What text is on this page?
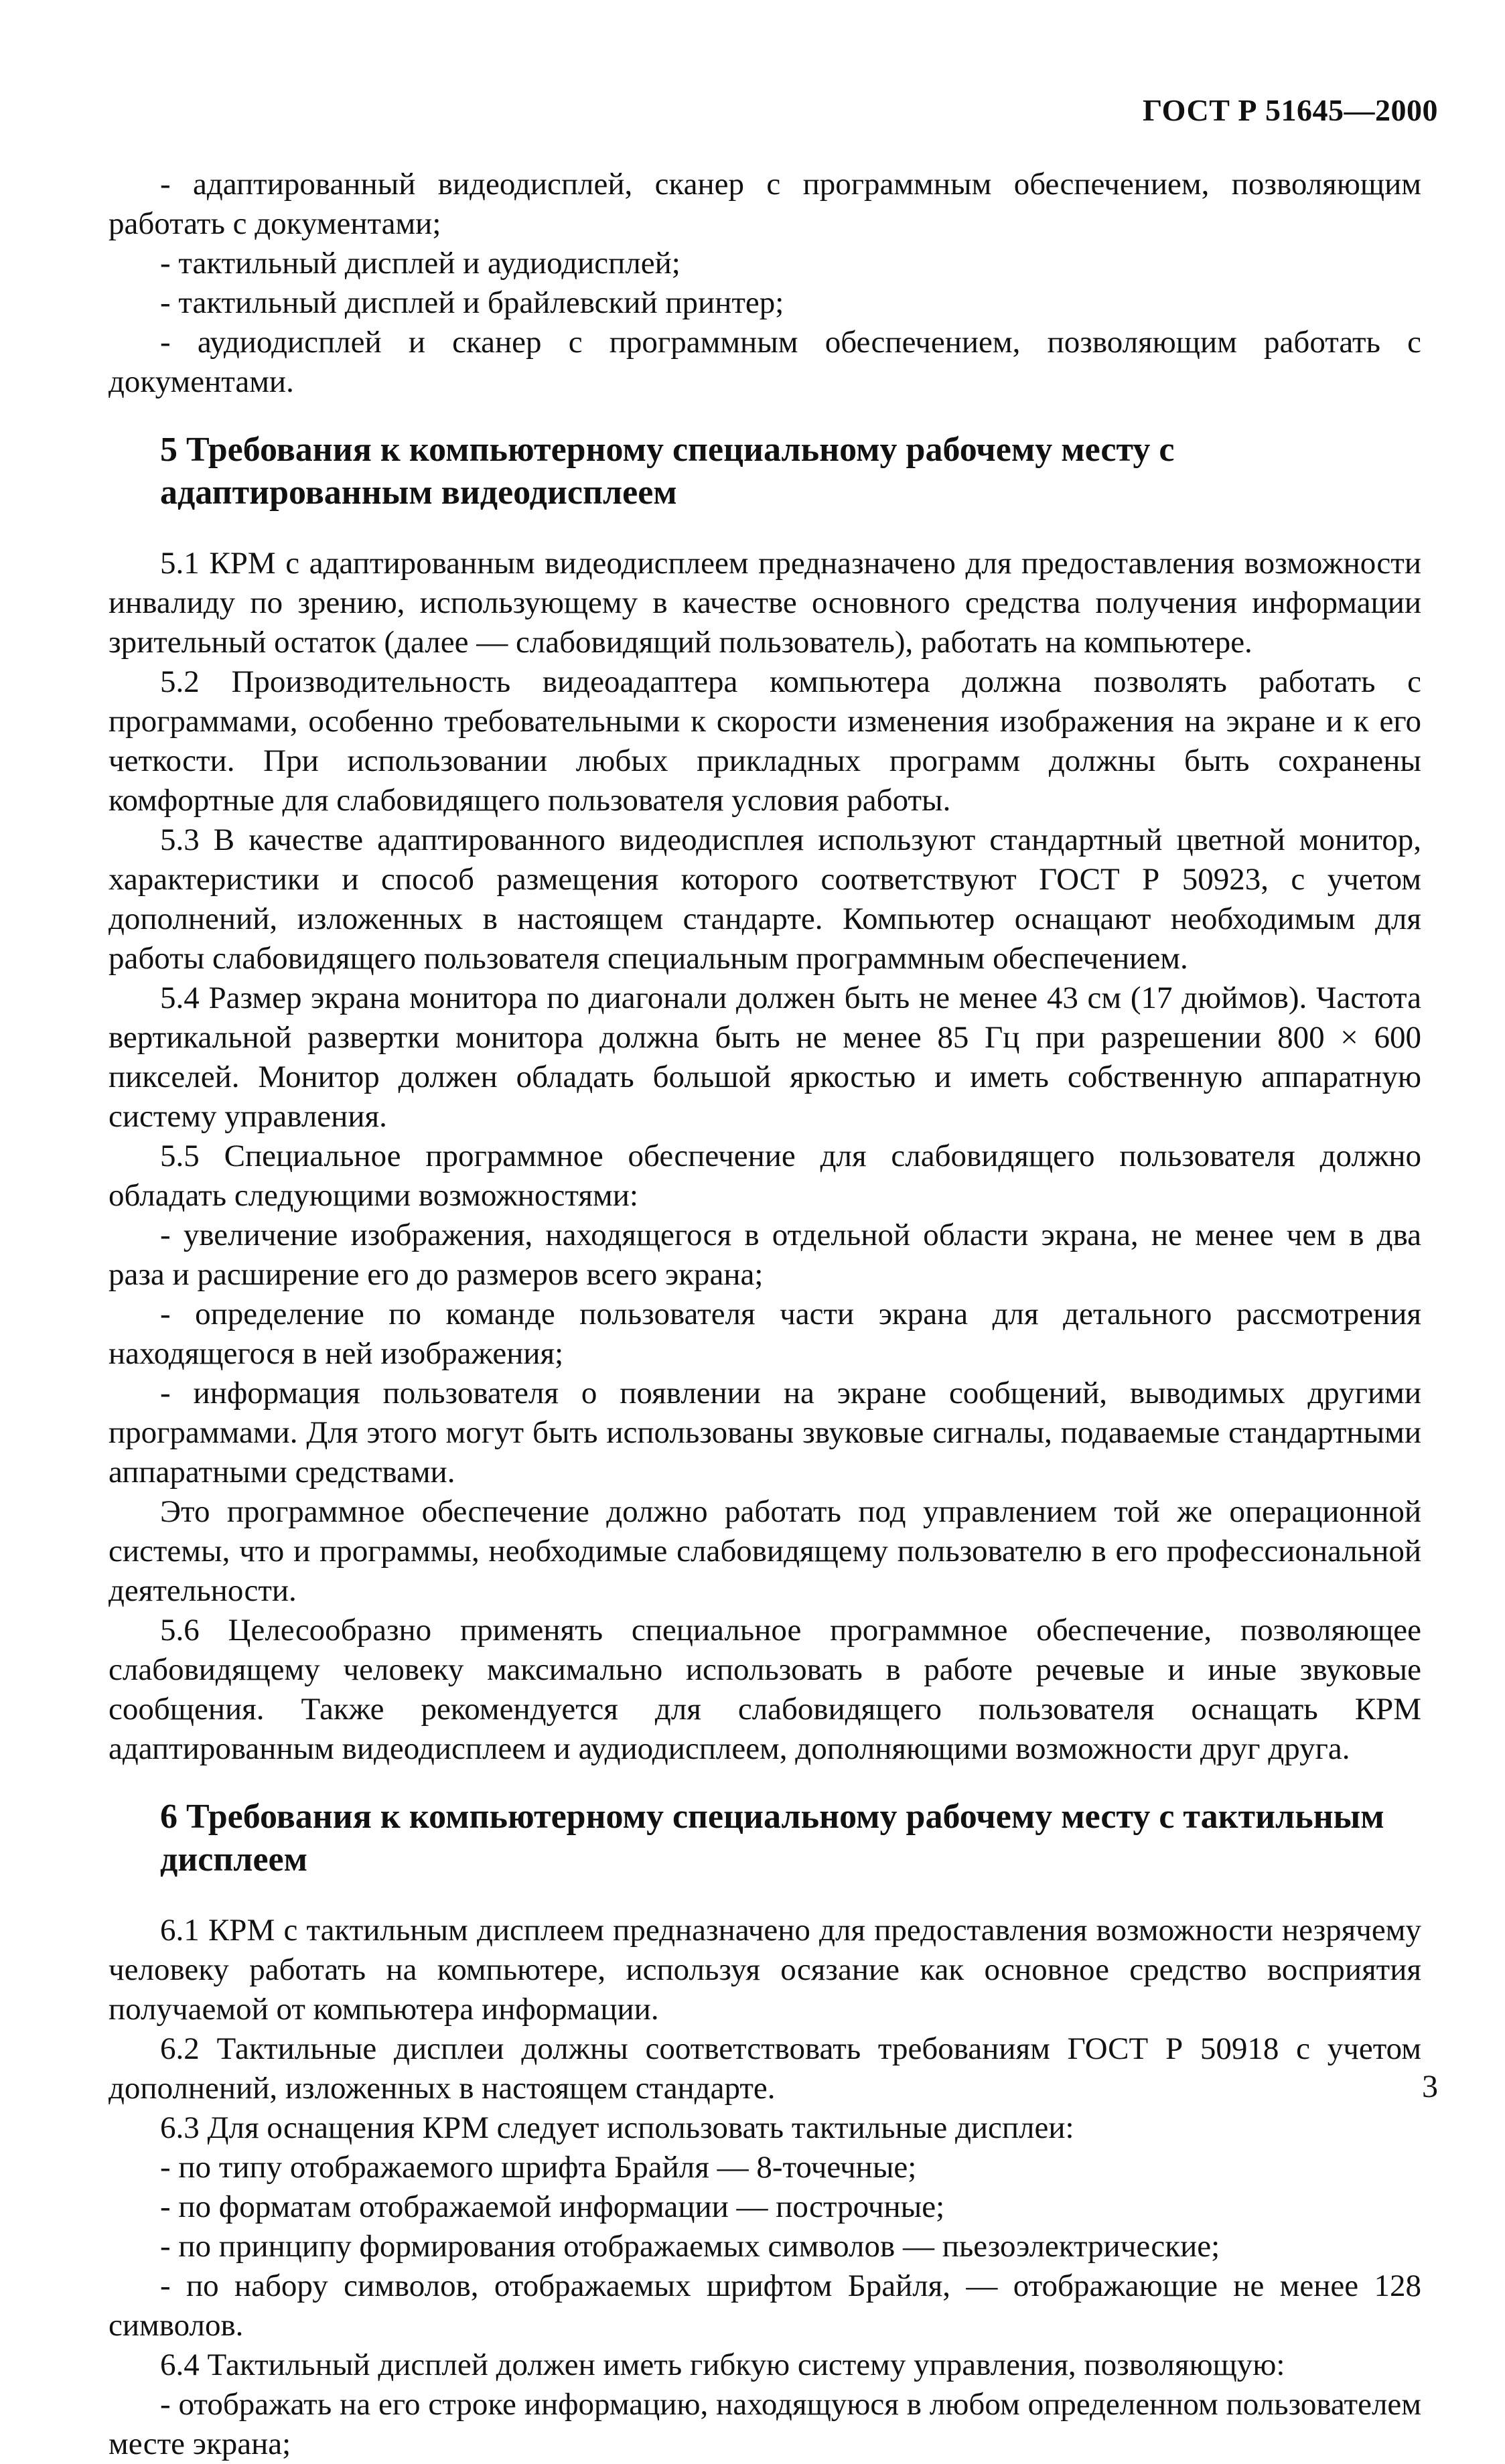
ГОСТ Р 51645—2000

- адаптированный видеодисплей, сканер с программным обеспечением, позволяющим работать с документами;

- тактильный дисплей и аудиодисплей;

- тактильный дисплей и брайлевский принтер;

- аудиодисплей и сканер с программным обеспечением, позволяющим работать с документами.

5 Требования к компьютерному специальному рабочему месту с адаптированным видеодисплеем

5.1 КРМ с адаптированным видеодисплеем предназначено для предоставления возможности инвалиду по зрению, использующему в качестве основного средства получения информации зрительный остаток (далее — слабовидящий пользователь), работать на компьютере.

5.2 Производительность видеоадаптера компьютера должна позволять работать с программами, особенно требовательными к скорости изменения изображения на экране и к его четкости. При использовании любых прикладных программ должны быть сохранены комфортные для слабовидящего пользователя условия работы.

5.3 В качестве адаптированного видеодисплея используют стандартный цветной монитор, характеристики и способ размещения которого соответствуют ГОСТ Р 50923, с учетом дополнений, изложенных в настоящем стандарте. Компьютер оснащают необходимым для работы слабовидящего пользователя специальным программным обеспечением.

5.4 Размер экрана монитора по диагонали должен быть не менее 43 см (17 дюймов). Частота вертикальной развертки монитора должна быть не менее 85 Гц при разрешении 800 × 600 пикселей. Монитор должен обладать большой яркостью и иметь собственную аппаратную систему управления.

5.5 Специальное программное обеспечение для слабовидящего пользователя должно обладать следующими возможностями:

- увеличение изображения, находящегося в отдельной области экрана, не менее чем в два раза и расширение его до размеров всего экрана;

- определение по команде пользователя части экрана для детального рассмотрения находящегося в ней изображения;

- информация пользователя о появлении на экране сообщений, выводимых другими программами. Для этого могут быть использованы звуковые сигналы, подаваемые стандартными аппаратными средствами.

Это программное обеспечение должно работать под управлением той же операционной системы, что и программы, необходимые слабовидящему пользователю в его профессиональной деятельности.

5.6 Целесообразно применять специальное программное обеспечение, позволяющее слабовидящему человеку максимально использовать в работе речевые и иные звуковые сообщения. Также рекомендуется для слабовидящего пользователя оснащать КРМ адаптированным видеодисплеем и аудиодисплеем, дополняющими возможности друг друга.

6 Требования к компьютерному специальному рабочему месту с тактильным дисплеем

6.1 КРМ с тактильным дисплеем предназначено для предоставления возможности незрячему человеку работать на компьютере, используя осязание как основное средство восприятия получаемой от компьютера информации.

6.2 Тактильные дисплеи должны соответствовать требованиям ГОСТ Р 50918 с учетом дополнений, изложенных в настоящем стандарте.

6.3 Для оснащения КРМ следует использовать тактильные дисплеи:

- по типу отображаемого шрифта Брайля — 8-точечные;

- по форматам отображаемой информации — построчные;

- по принципу формирования отображаемых символов — пьезоэлектрические;

- по набору символов, отображаемых шрифтом Брайля, — отображающие не менее 128 символов.

6.4 Тактильный дисплей должен иметь гибкую систему управления, позволяющую:

- отображать на его строке информацию, находящуюся в любом определенном пользователем месте экрана;

3
